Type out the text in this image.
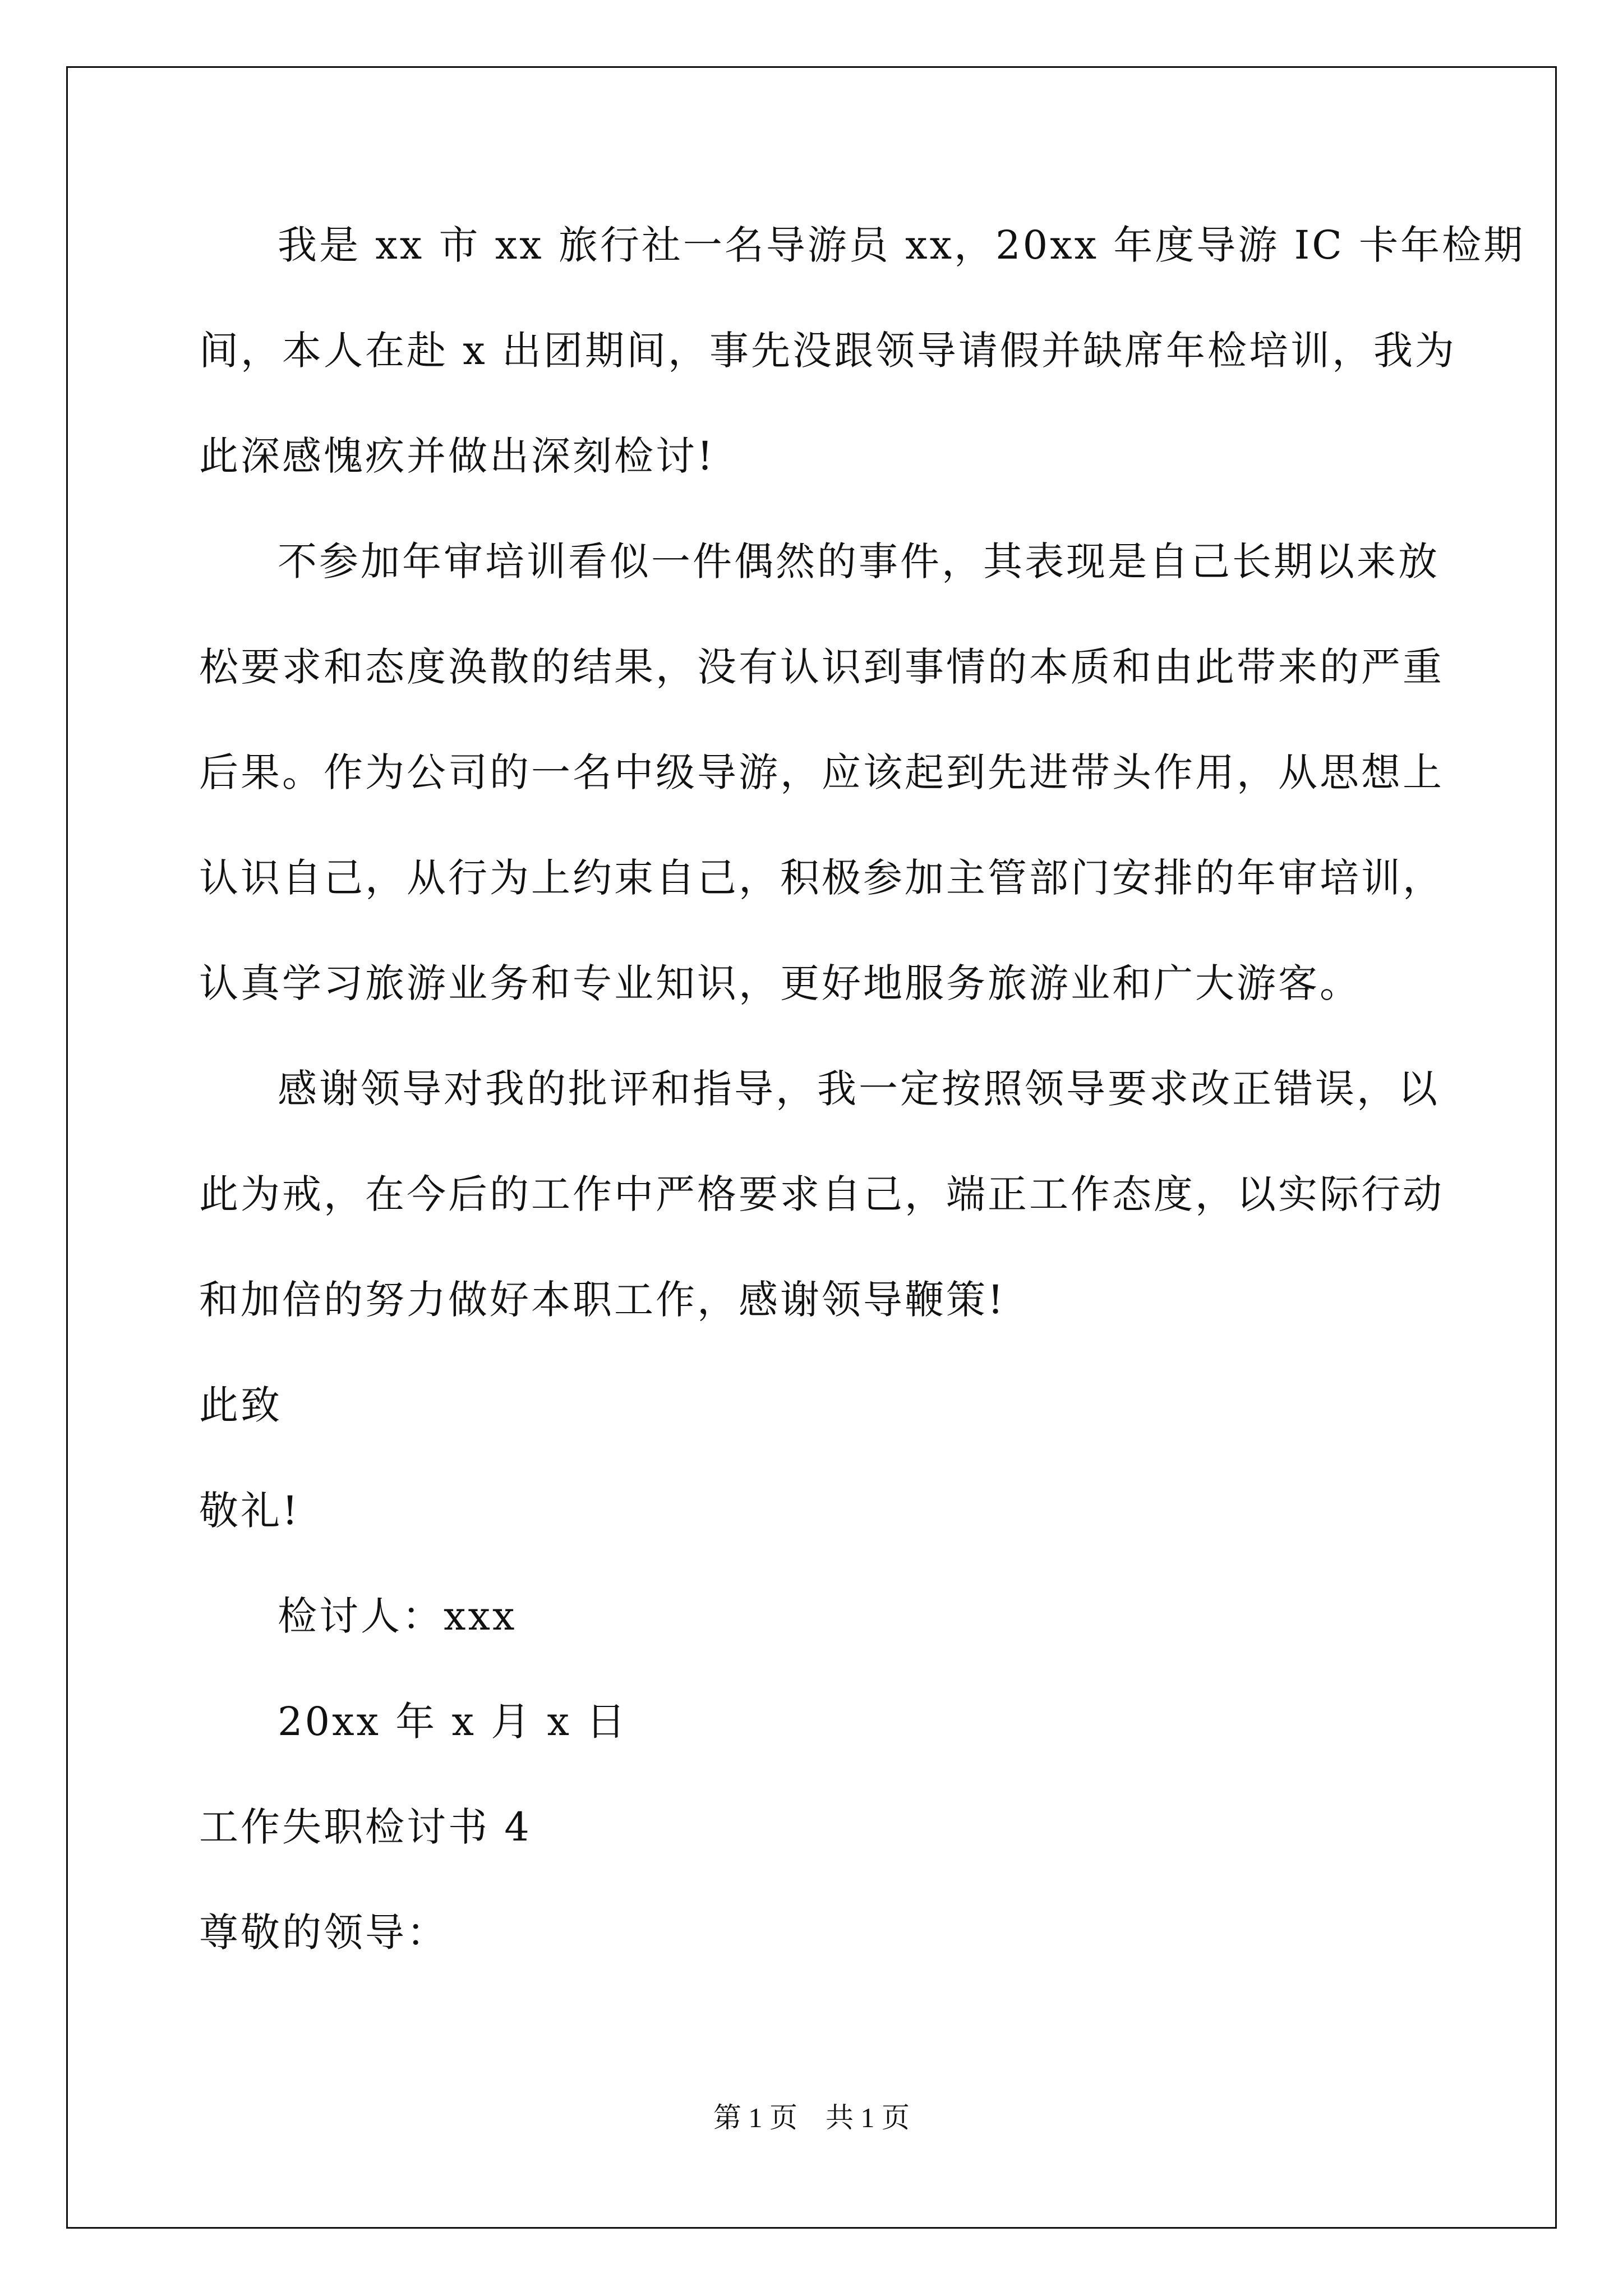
我是 xx 市 xx 旅行社一名导游员 xx，20xx 年度导游 IC 卡年检期
间，本人在赴 x 出团期间，事先没跟领导请假并缺席年检培训，我为
此深感愧疚并做出深刻检讨!
不参加年审培训看似一件偶然的事件，其表现是自己长期以来放
松要求和态度涣散的结果，没有认识到事情的本质和由此带来的严重
后果。作为公司的一名中级导游，应该起到先进带头作用，从思想上
认识自己，从行为上约束自己，积极参加主管部门安排的年审培训，
认真学习旅游业务和专业知识，更好地服务旅游业和广大游客。
感谢领导对我的批评和指导，我一定按照领导要求改正错误，以
此为戒，在今后的工作中严格要求自己，端正工作态度，以实际行动
和加倍的努力做好本职工作，感谢领导鞭策!
此致
敬礼!
检讨人：xxx
20xx 年 x 月 x 日
工作失职检讨书 4
尊敬的领导：
第 1 页　共 1 页
